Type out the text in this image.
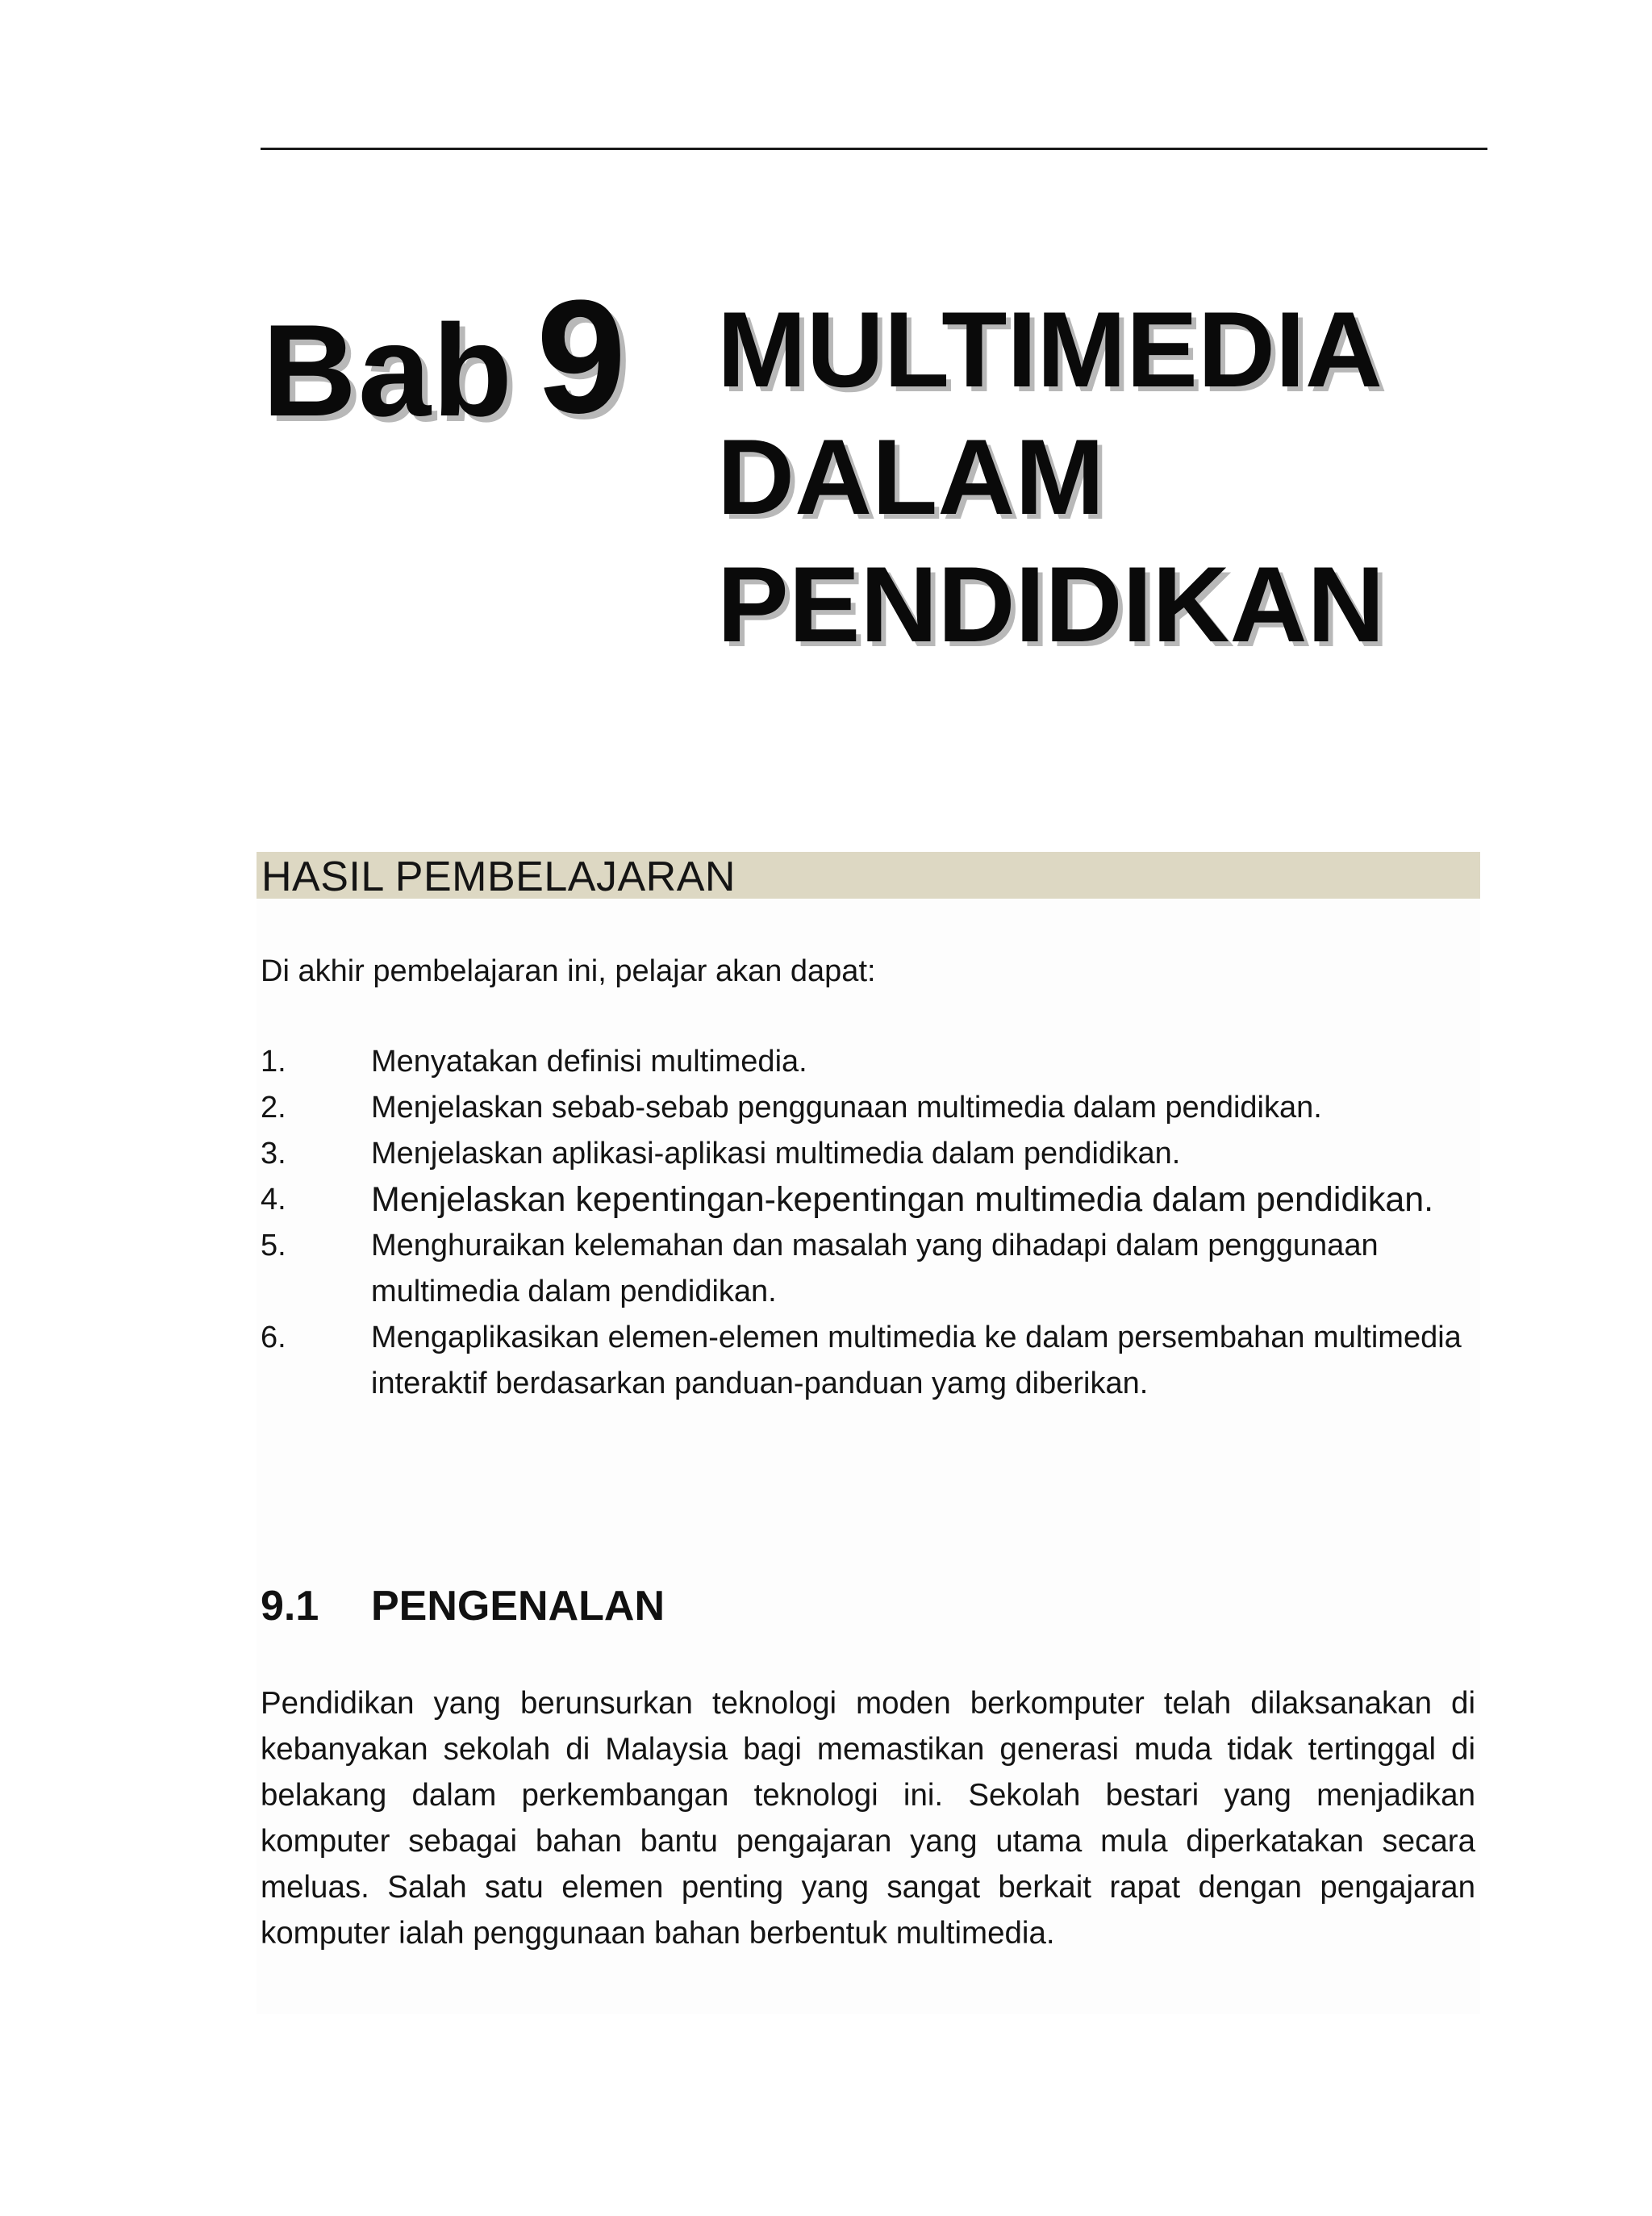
Bab 9 MULTIMEDIA
DALAM
PENDIDIKAN
HASIL PEMBELAJARAN
Di akhir pembelajaran ini, pelajar akan dapat:
1.	Menyatakan definisi multimedia.
2.	Menjelaskan sebab-sebab penggunaan multimedia dalam pendidikan.
3.	Menjelaskan aplikasi-aplikasi multimedia dalam pendidikan.
4. Menjelaskan kepentingan-kepentingan multimedia dalam pendidikan.
5.	Menghuraikan kelemahan dan masalah yang dihadapi dalam penggunaan multimedia dalam pendidikan.
6.	Mengaplikasikan elemen-elemen multimedia ke dalam persembahan multimedia interaktif berdasarkan panduan-panduan yamg diberikan.
9.1 PENGENALAN

Pendidikan yang berunsurkan teknologi moden berkomputer telah dilaksanakan di kebanyakan sekolah di Malaysia bagi memastikan generasi muda tidak tertinggal di belakang dalam perkembangan teknologi ini. Sekolah bestari yang menjadikan komputer sebagai bahan bantu pengajaran yang utama mula diperkatakan secara meluas. Salah satu elemen penting yang sangat berkait rapat dengan pengajaran komputer ialah penggunaan bahan berbentuk multimedia.
